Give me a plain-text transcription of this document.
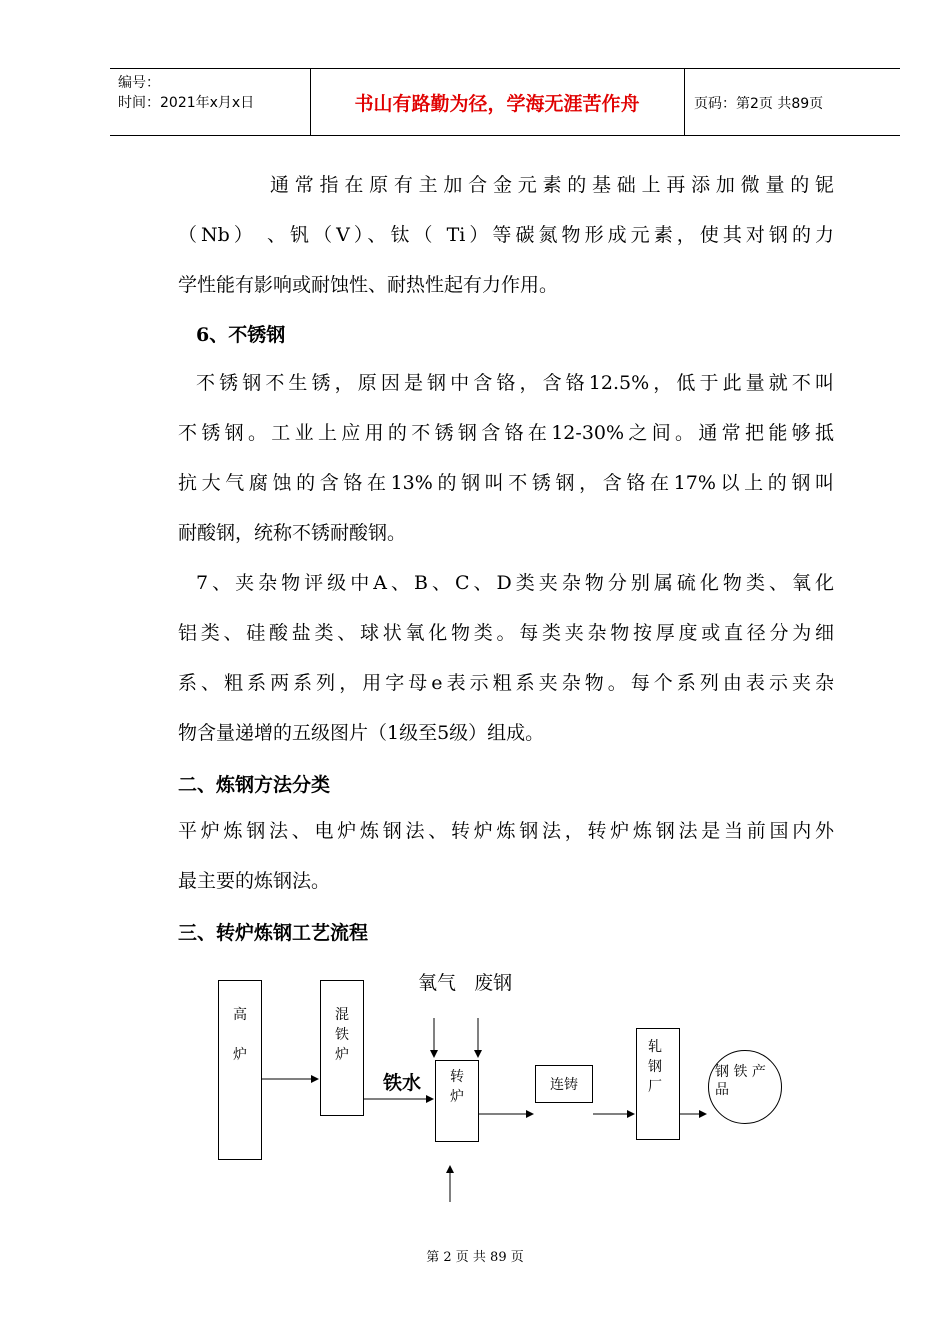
编号：
时间：2021年x月x日	书山有路勤为径，学海无涯苦作舟	页码：第2页 共89页
通常指在原有主加合金元素的基础上再添加微量的铌
（Nb） 、钒（V）、钛（ Ti）等碳氮物形成元素，使其对钢的力
学性能有影响或耐蚀性、耐热性起有力作用。
6、不锈钢
不锈钢不生锈，原因是钢中含铬，含铬12.5%，低于此量就不叫
不锈钢。工业上应用的不锈钢含铬在12-30%之间。通常把能够抵
抗大气腐蚀的含铬在13%的钢叫不锈钢，含铬在17%以上的钢叫
耐酸钢，统称不锈耐酸钢。
7、夹杂物评级中A、B、C、D类夹杂物分别属硫化物类、氧化
铝类、硅酸盐类、球状氧化物类。每类夹杂物按厚度或直径分为细
系、粗系两系列，用字母e表示粗系夹杂物。每个系列由表示夹杂
物含量递增的五级图片（1级至5级）组成。
二、炼钢方法分类
平炉炼钢法、电炉炼钢法、转炉炼钢法，转炉炼钢法是当前国内外
最主要的炼钢法。
三、转炉炼钢工艺流程
氧气   废钢
高

炉
混
铁
炉
铁水 转
炉
连铸
轧
钢
厂
钢 铁 产
品
第 2 页 共 89 页
